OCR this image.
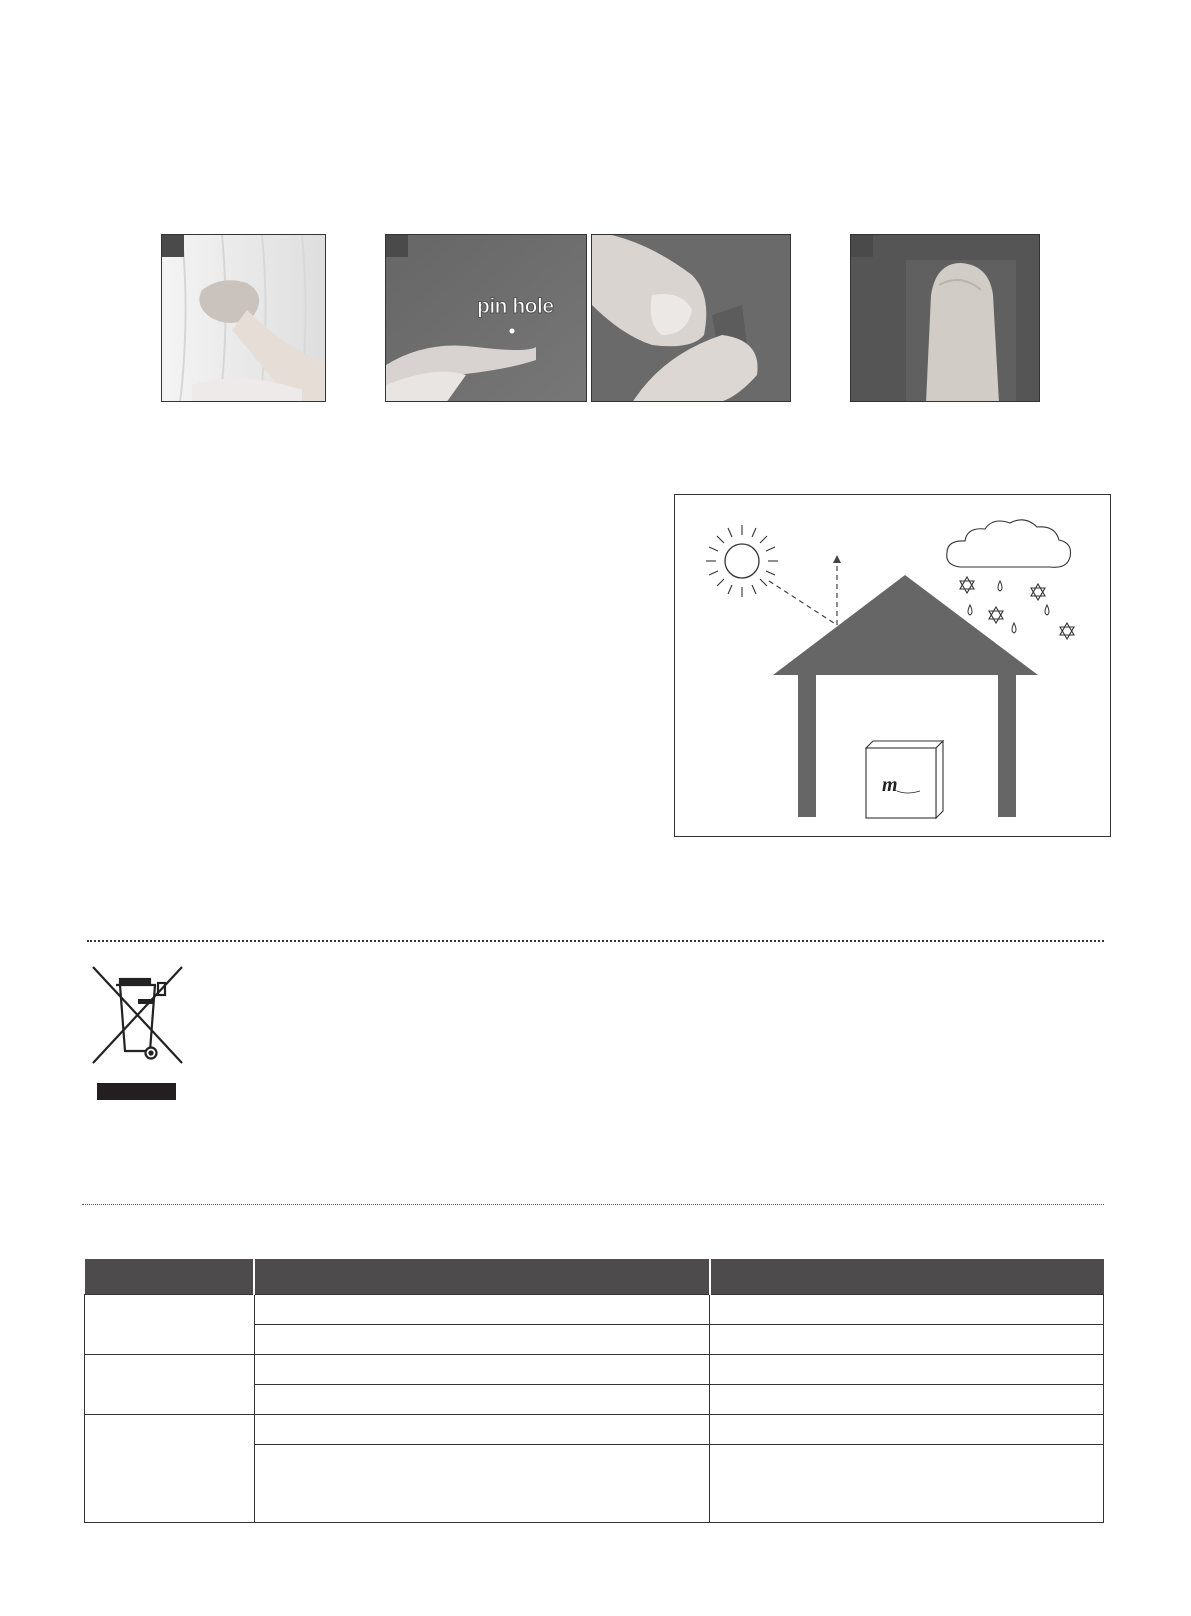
pin hole
m
